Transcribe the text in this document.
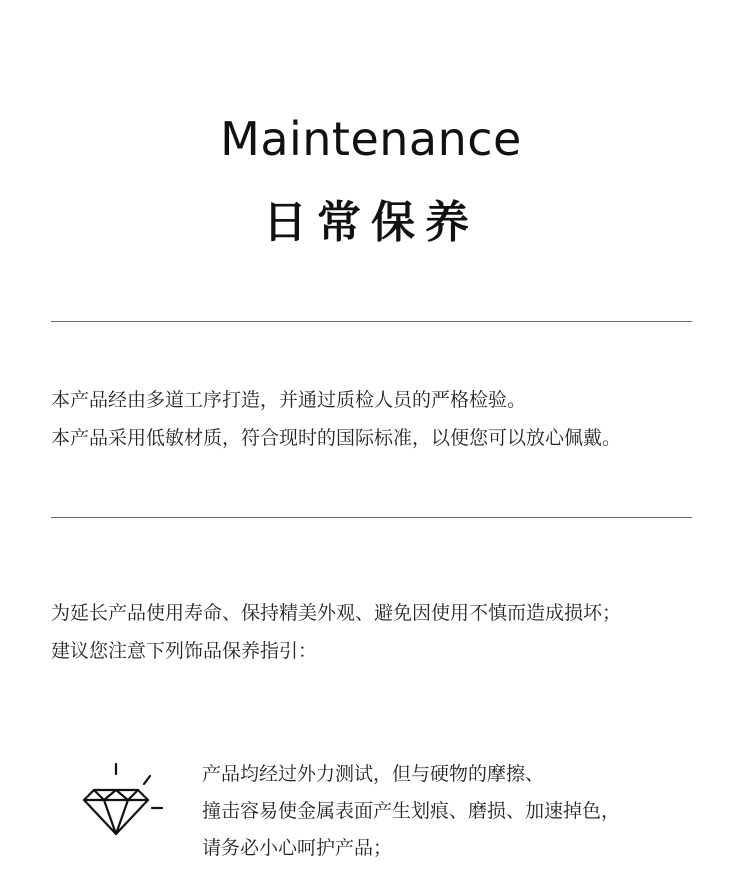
Maintenance
日常保养

本产品经由多道工序打造，并通过质检人员的严格检验。

本产品采用低敏材质，符合现时的国际标准，以便您可以放心佩戴。

为延长产品使用寿命、保持精美外观、避免因使用不慎而造成损坏；

建议您注意下列饰品保养指引：

产品均经过外力测试，但与硬物的摩擦、

撞击容易使金属表面产生划痕、磨损、加速掉色，

请务必小心呵护产品；
